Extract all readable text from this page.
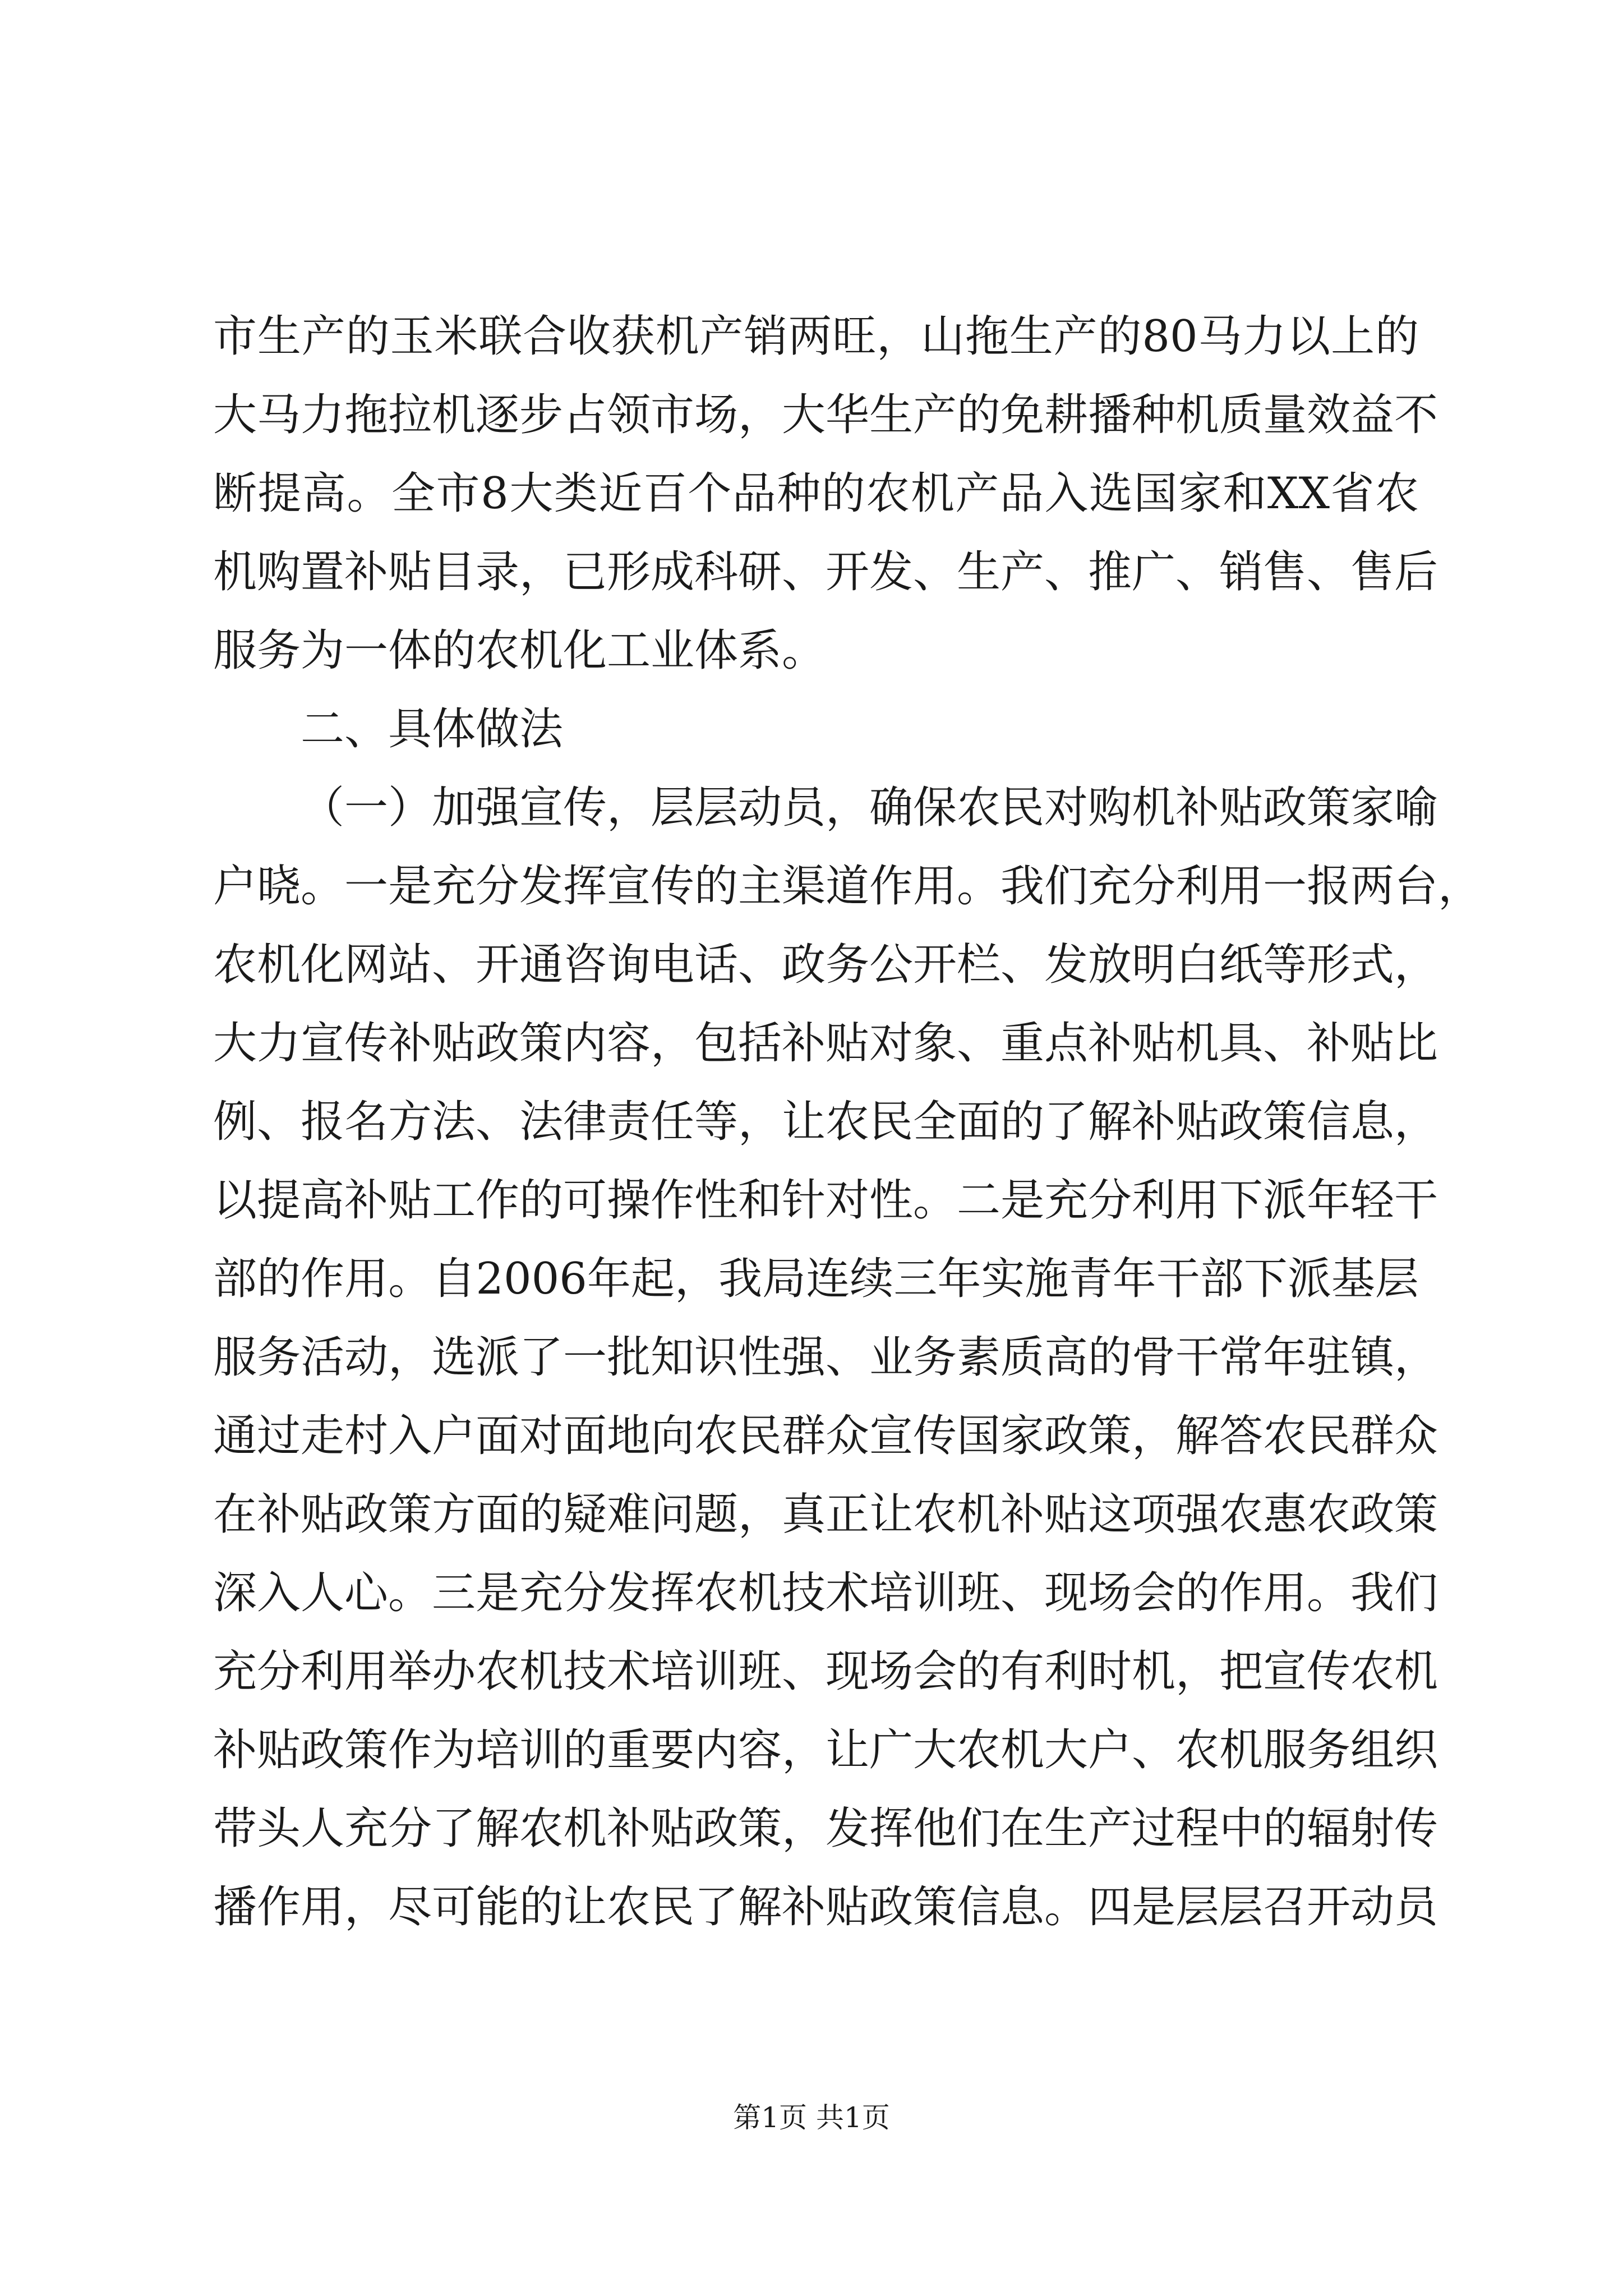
市生产的玉米联合收获机产销两旺，山拖生产的80马力以上的
大马力拖拉机逐步占领市场，大华生产的免耕播种机质量效益不
断提高。全市8大类近百个品种的农机产品入选国家和XX省农
机购置补贴目录，已形成科研、开发、生产、推广、销售、售后
服务为一体的农机化工业体系。
二、具体做法
（一）加强宣传，层层动员，确保农民对购机补贴政策家喻
户晓。一是充分发挥宣传的主渠道作用。我们充分利用一报两台，
农机化网站、开通咨询电话、政务公开栏、发放明白纸等形式，
大力宣传补贴政策内容，包括补贴对象、重点补贴机具、补贴比
例、报名方法、法律责任等，让农民全面的了解补贴政策信息，
以提高补贴工作的可操作性和针对性。二是充分利用下派年轻干
部的作用。自2006年起，我局连续三年实施青年干部下派基层
服务活动，选派了一批知识性强、业务素质高的骨干常年驻镇，
通过走村入户面对面地向农民群众宣传国家政策，解答农民群众
在补贴政策方面的疑难问题，真正让农机补贴这项强农惠农政策
深入人心。三是充分发挥农机技术培训班、现场会的作用。我们
充分利用举办农机技术培训班、现场会的有利时机，把宣传农机
补贴政策作为培训的重要内容，让广大农机大户、农机服务组织
带头人充分了解农机补贴政策，发挥他们在生产过程中的辐射传
播作用，尽可能的让农民了解补贴政策信息。四是层层召开动员
第1页 共1页
